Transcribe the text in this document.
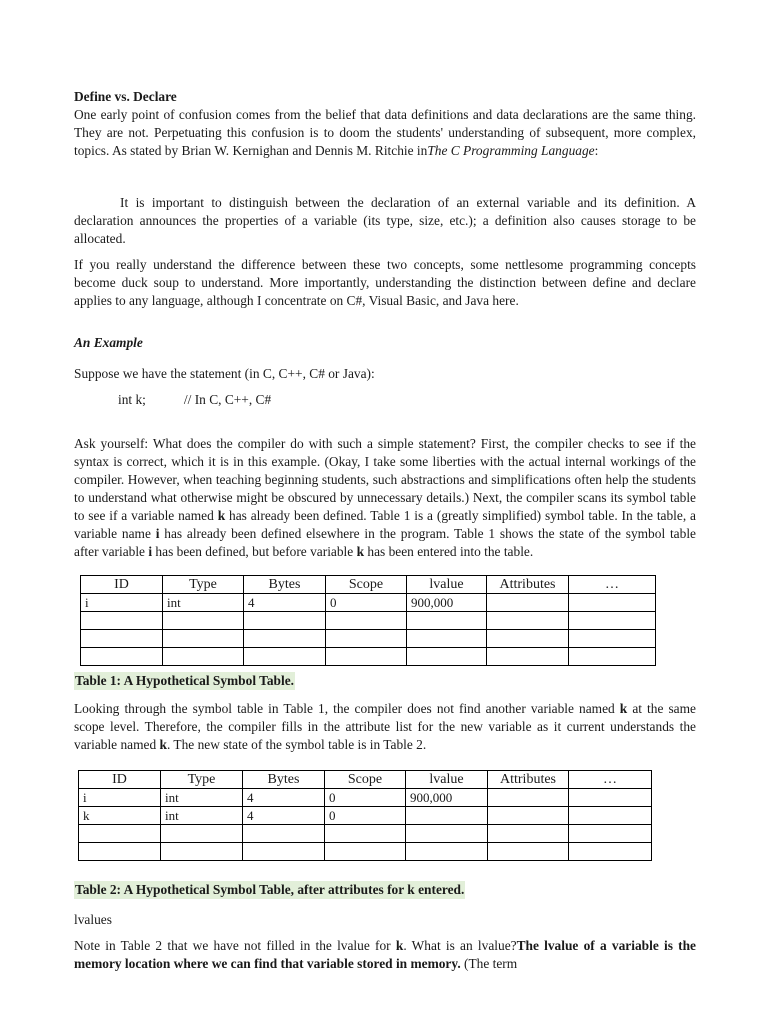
Define vs. Declare

One early point of confusion comes from the belief that data definitions and data declarations are the same thing. They are not. Perpetuating this confusion is to doom the students' understanding of subsequent, more complex, topics. As stated by Brian W. Kernighan and Dennis M. Ritchie inThe C Programming Language:

It is important to distinguish between the declaration of an external variable and its definition. A declaration announces the properties of a variable (its type, size, etc.); a definition also causes storage to be allocated.

If you really understand the difference between these two concepts, some nettlesome programming concepts become duck soup to understand. More importantly, understanding the distinction between define and declare applies to any language, although I concentrate on C#, Visual Basic, and Java here.

An Example

Suppose we have the statement (in C, C++, C# or Java):

int k;	// In C, C++, C#

Ask yourself: What does the compiler do with such a simple statement? First, the compiler checks to see if the syntax is correct, which it is in this example. (Okay, I take some liberties with the actual internal workings of the compiler. However, when teaching beginning students, such abstractions and simplifications often help the students to understand what otherwise might be obscured by unnecessary details.) Next, the compiler scans its symbol table to see if a variable named k has already been defined. Table 1 is a (greatly simplified) symbol table. In the table, a variable name i has already been defined elsewhere in the program. Table 1 shows the state of the symbol table after variable i has been defined, but before variable k has been entered into the table.

ID	Type	Bytes	Scope	lvalue	Attributes	…
i	int	4	0	900,000		

Table 1: A Hypothetical Symbol Table.

Looking through the symbol table in Table 1, the compiler does not find another variable named k at the same scope level. Therefore, the compiler fills in the attribute list for the new variable as it current understands the variable named k. The new state of the symbol table is in Table 2.

ID	Type	Bytes	Scope	lvalue	Attributes	…
i	int	4	0	900,000		
k	int	4	0			

Table 2: A Hypothetical Symbol Table, after attributes for k entered.

lvalues

Note in Table 2 that we have not filled in the lvalue for k. What is an lvalue?The lvalue of a variable is the memory location where we can find that variable stored in memory. (The term
